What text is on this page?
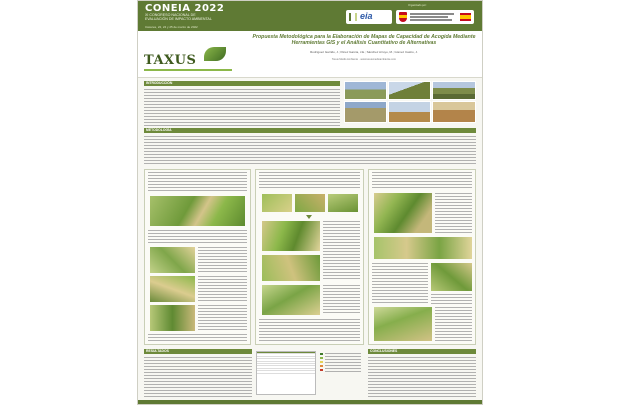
CONEIA 2022
XI CONGRESO NACIONAL DE
EVALUACIÓN DE IMPACTO AMBIENTAL
Cáceres, 22, 24 y 25 de marzo de 2022
Organizado por:
eia
TAXUS
Propuesta Metodológica para la Elaboración de Mapas de Capacidad de Acogida Mediante Herramientas GIS y el Análisis Cuantitativo de Alternativas
Rodríguez Garrido, J.; Pérez García, J.E.; Sánchez Arroyo, M.; Gómez Castro, J.
Taxus Medio Ambiente · www.taxusmedioambiente.com
INTRODUCCIÓN
METODOLOGÍA
RESULTADOS	CONCLUSIONES
